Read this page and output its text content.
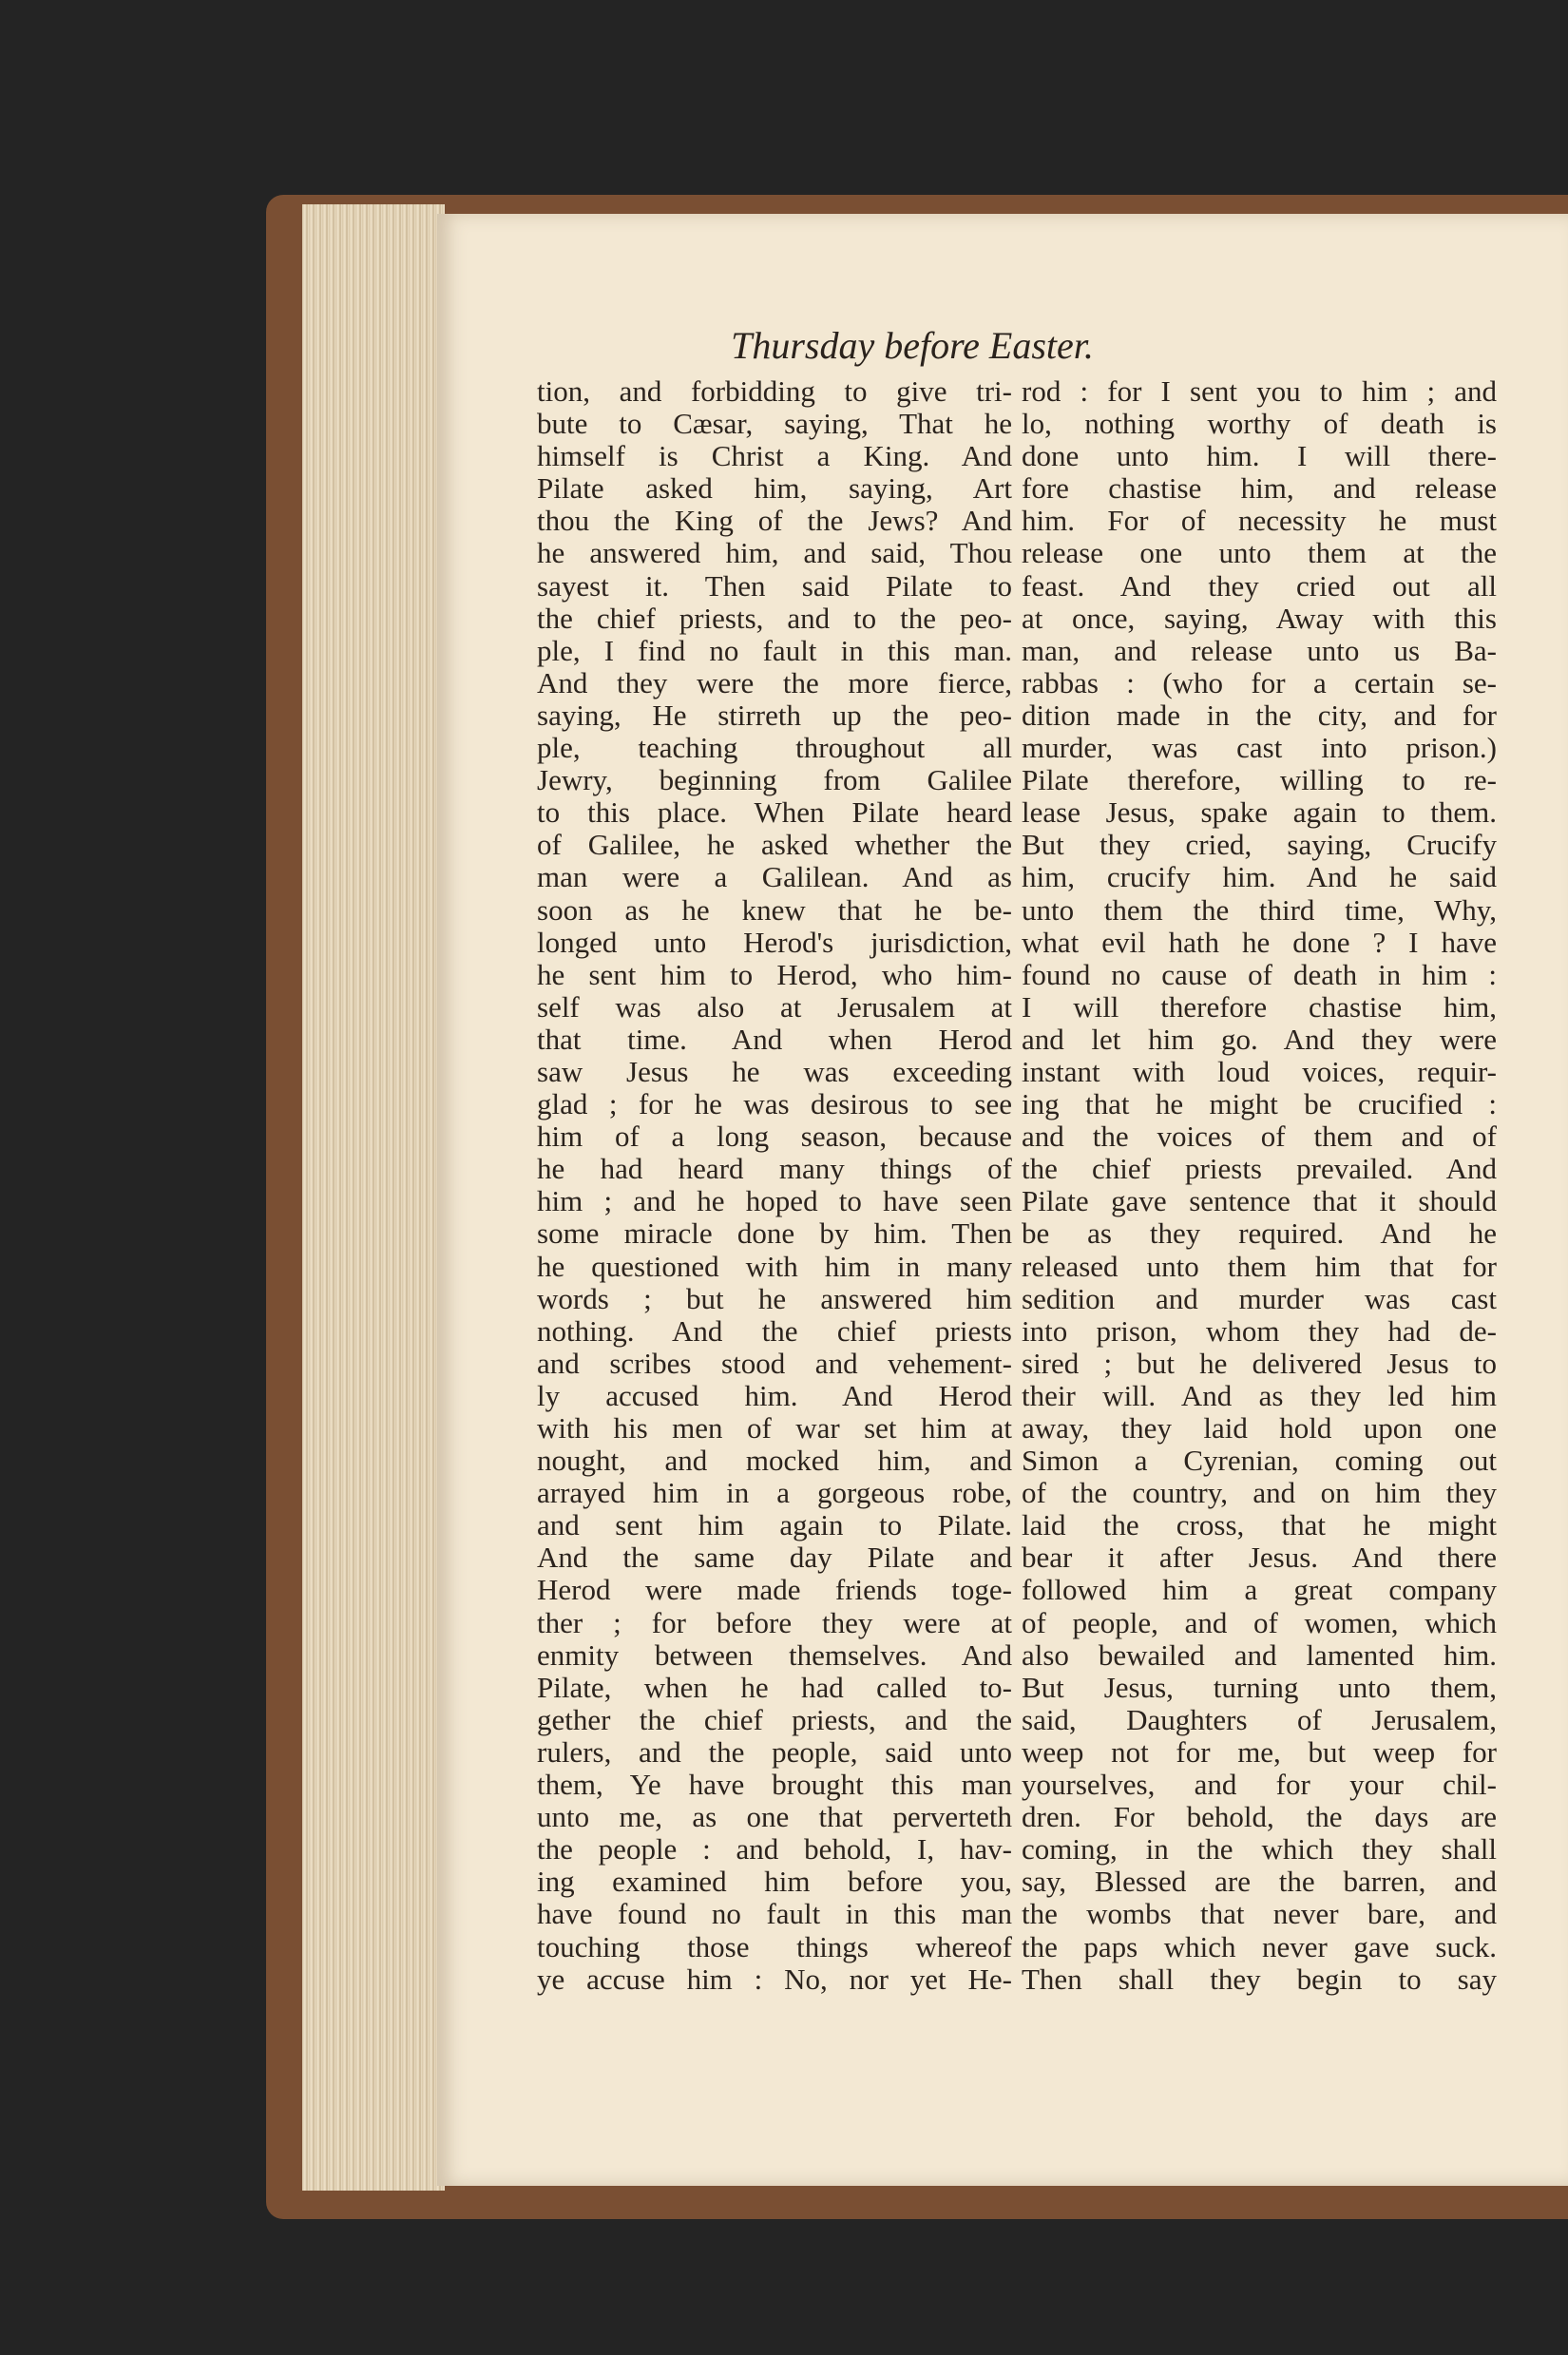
Thursday before Easter.
tion, and forbidding to give tri-
bute to Cæsar, saying, That he
himself is Christ a King. And
Pilate asked him, saying, Art
thou the King of the Jews? And
he answered him, and said, Thou
sayest it. Then said Pilate to
the chief priests, and to the peo-
ple, I find no fault in this man.
And they were the more fierce,
saying, He stirreth up the peo-
ple, teaching throughout all
Jewry, beginning from Galilee
to this place. When Pilate heard
of Galilee, he asked whether the
man were a Galilean. And as
soon as he knew that he be-
longed unto Herod's jurisdiction,
he sent him to Herod, who him-
self was also at Jerusalem at
that time. And when Herod
saw Jesus he was exceeding
glad ; for he was desirous to see
him of a long season, because
he had heard many things of
him ; and he hoped to have seen
some miracle done by him. Then
he questioned with him in many
words ; but he answered him
nothing. And the chief priests
and scribes stood and vehement-
ly accused him. And Herod
with his men of war set him at
nought, and mocked him, and
arrayed him in a gorgeous robe,
and sent him again to Pilate.
And the same day Pilate and
Herod were made friends toge-
ther ; for before they were at
enmity between themselves. And
Pilate, when he had called to-
gether the chief priests, and the
rulers, and the people, said unto
them, Ye have brought this man
unto me, as one that perverteth
the people : and behold, I, hav-
ing examined him before you,
have found no fault in this man
touching those things whereof
ye accuse him : No, nor yet He-
rod : for I sent you to him ; and
lo, nothing worthy of death is
done unto him. I will there-
fore chastise him, and release
him. For of necessity he must
release one unto them at the
feast. And they cried out all
at once, saying, Away with this
man, and release unto us Ba-
rabbas : (who for a certain se-
dition made in the city, and for
murder, was cast into prison.)
Pilate therefore, willing to re-
lease Jesus, spake again to them.
But they cried, saying, Crucify
him, crucify him. And he said
unto them the third time, Why,
what evil hath he done ? I have
found no cause of death in him :
I will therefore chastise him,
and let him go. And they were
instant with loud voices, requir-
ing that he might be crucified :
and the voices of them and of
the chief priests prevailed. And
Pilate gave sentence that it should
be as they required. And he
released unto them him that for
sedition and murder was cast
into prison, whom they had de-
sired ; but he delivered Jesus to
their will. And as they led him
away, they laid hold upon one
Simon a Cyrenian, coming out
of the country, and on him they
laid the cross, that he might
bear it after Jesus. And there
followed him a great company
of people, and of women, which
also bewailed and lamented him.
But Jesus, turning unto them,
said, Daughters of Jerusalem,
weep not for me, but weep for
yourselves, and for your chil-
dren. For behold, the days are
coming, in the which they shall
say, Blessed are the barren, and
the wombs that never bare, and
the paps which never gave suck.
Then shall they begin to say
